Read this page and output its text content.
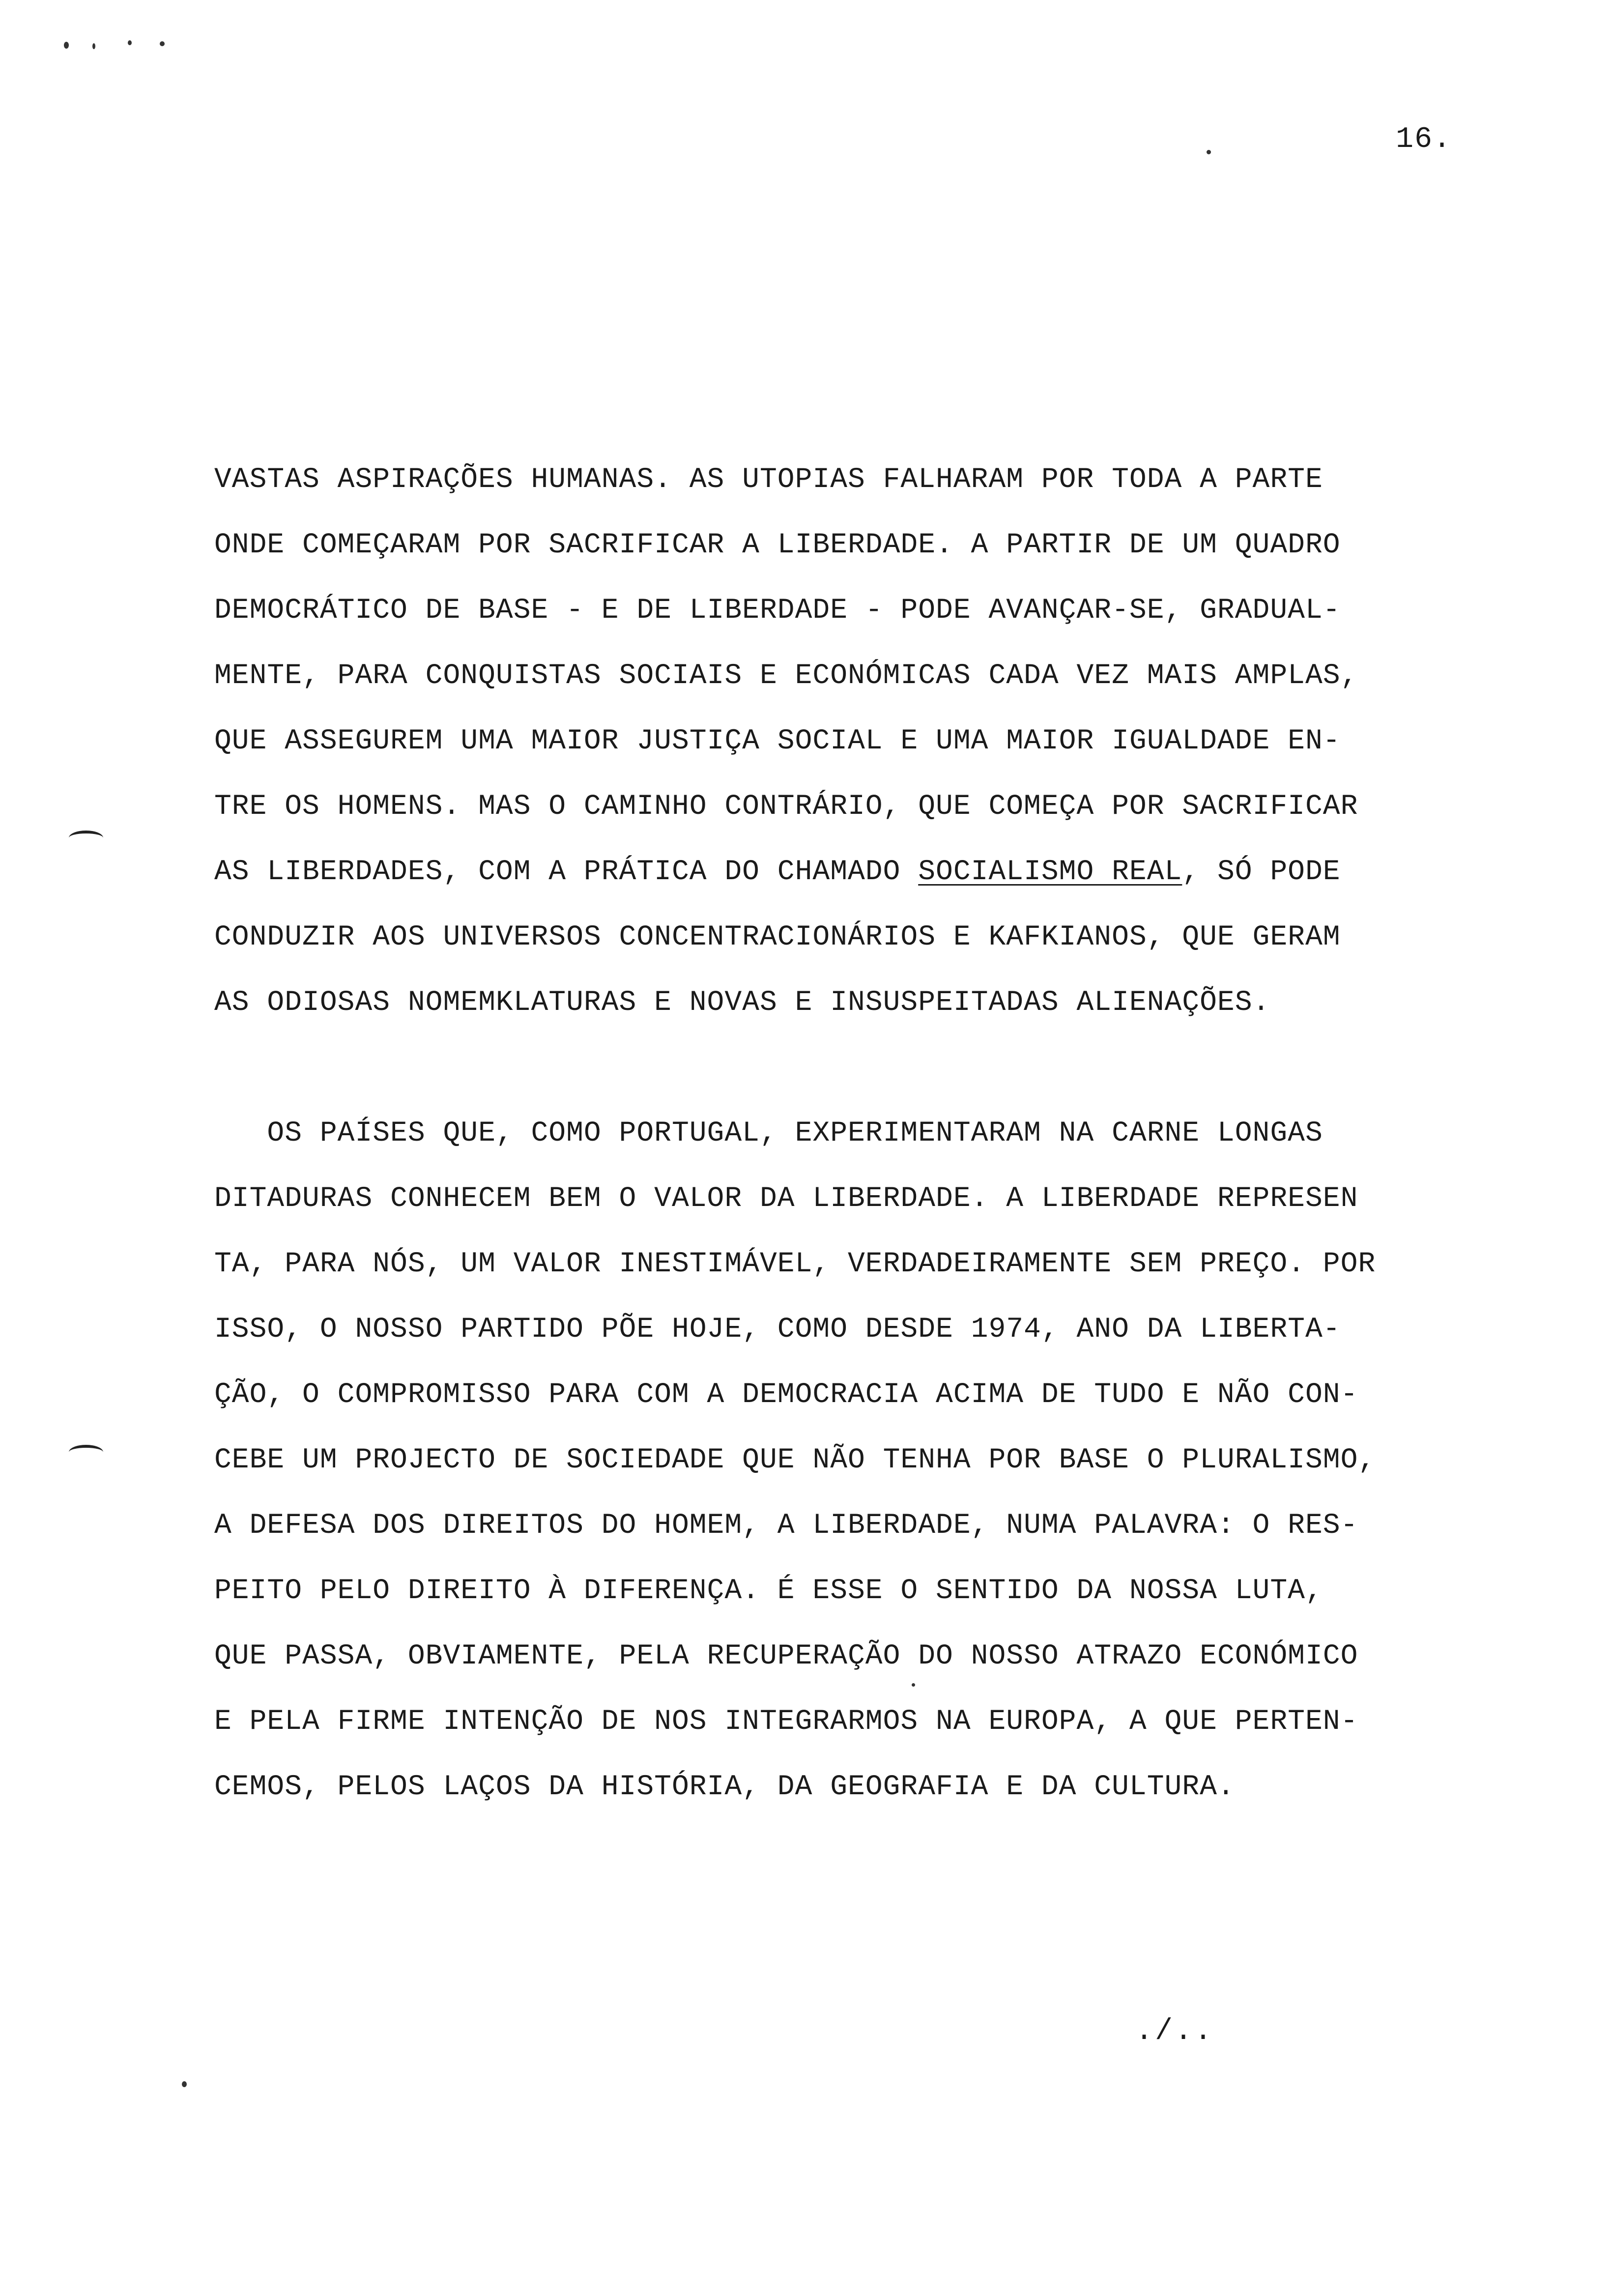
16.
VASTAS ASPIRAÇÕES HUMANAS. AS UTOPIAS FALHARAM POR TODA A PARTE
ONDE COMEÇARAM POR SACRIFICAR A LIBERDADE. A PARTIR DE UM QUADRO
DEMOCRÁTICO DE BASE - E DE LIBERDADE - PODE AVANÇAR-SE, GRADUAL-
MENTE, PARA CONQUISTAS SOCIAIS E ECONÓMICAS CADA VEZ MAIS AMPLAS,
QUE ASSEGUREM UMA MAIOR JUSTIÇA SOCIAL E UMA MAIOR IGUALDADE EN-
TRE OS HOMENS. MAS O CAMINHO CONTRÁRIO, QUE COMEÇA POR SACRIFICAR
AS LIBERDADES, COM A PRÁTICA DO CHAMADO SOCIALISMO REAL, SÓ PODE
CONDUZIR AOS UNIVERSOS CONCENTRACIONÁRIOS E KAFKIANOS, QUE GERAM
AS ODIOSAS NOMEMKLATURAS E NOVAS E INSUSPEITADAS ALIENAÇÕES.
OS PAÍSES QUE, COMO PORTUGAL, EXPERIMENTARAM NA CARNE LONGAS
DITADURAS CONHECEM BEM O VALOR DA LIBERDADE. A LIBERDADE REPRESEN
TA, PARA NÓS, UM VALOR INESTIMÁVEL, VERDADEIRAMENTE SEM PREÇO. POR
ISSO, O NOSSO PARTIDO PÕE HOJE, COMO DESDE 1974, ANO DA LIBERTA-
ÇÃO, O COMPROMISSO PARA COM A DEMOCRACIA ACIMA DE TUDO E NÃO CON-
CEBE UM PROJECTO DE SOCIEDADE QUE NÃO TENHA POR BASE O PLURALISMO,
A DEFESA DOS DIREITOS DO HOMEM, A LIBERDADE, NUMA PALAVRA: O RES-
PEITO PELO DIREITO À DIFERENÇA. É ESSE O SENTIDO DA NOSSA LUTA,
QUE PASSA, OBVIAMENTE, PELA RECUPERAÇÃO DO NOSSO ATRAZO ECONÓMICO
E PELA FIRME INTENÇÃO DE NOS INTEGRARMOS NA EUROPA, A QUE PERTEN-
CEMOS, PELOS LAÇOS DA HISTÓRIA, DA GEOGRAFIA E DA CULTURA.
./..
